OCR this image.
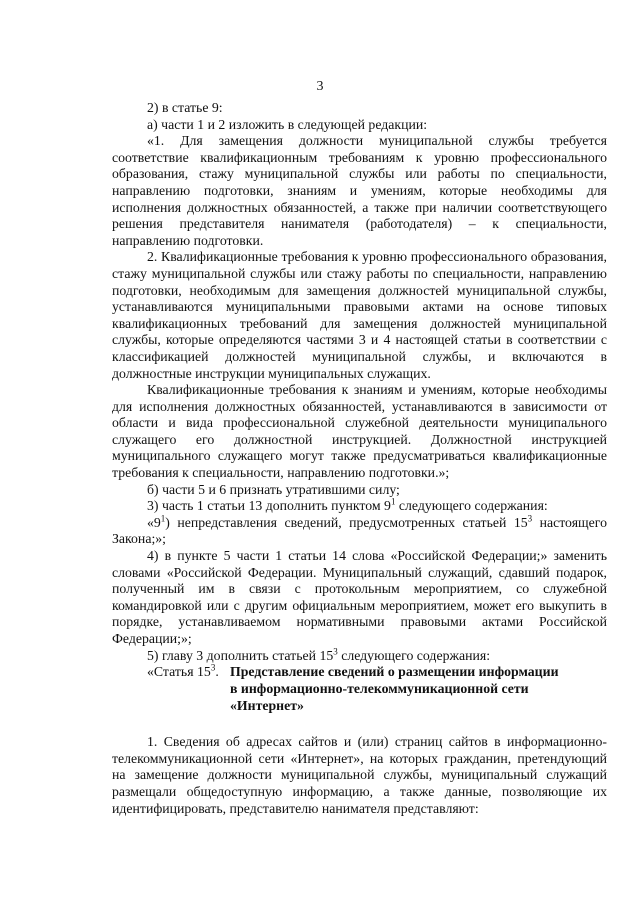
3

2) в статье 9:

а) части 1 и 2 изложить в следующей редакции:

«1. Для замещения должности муниципальной службы требуется соответствие квалификационным требованиям к уровню профессионального образования, стажу муниципальной службы или работы по специальности, направлению подготовки, знаниям и умениям, которые необходимы для исполнения должностных обязанностей, а также при наличии соответствующего решения представителя нанимателя (работодателя) – к специальности, направлению подготовки.

2. Квалификационные требования к уровню профессионального образования, стажу муниципальной службы или стажу работы по специальности, направлению подготовки, необходимым для замещения должностей муниципальной службы, устанавливаются муниципальными правовыми актами на основе типовых квалификационных требований для замещения должностей муниципальной службы, которые определяются частями 3 и 4 настоящей статьи в соответствии с классификацией должностей муниципальной службы, и включаются в должностные инструкции муниципальных служащих.

Квалификационные требования к знаниям и умениям, которые необходимы для исполнения должностных обязанностей, устанавливаются в зависимости от области и вида профессиональной служебной деятельности муниципального служащего его должностной инструкцией. Должностной инструкцией муниципального служащего могут также предусматриваться квалификационные требования к специальности, направлению подготовки.»;

б) части 5 и 6 признать утратившими силу;

3) часть 1 статьи 13 дополнить пунктом $9^1$ следующего содержания:

«$9^1$) непредставления сведений, предусмотренных статьей $15^3$ настоящего Закона;»;

4) в пункте 5 части 1 статьи 14 слова «Российской Федерации;» заменить словами «Российской Федерации. Муниципальный служащий, сдавший подарок, полученный им в связи с протокольным мероприятием, со служебной командировкой или с другим официальным мероприятием, может его выкупить в порядке, устанавливаемом нормативными правовыми актами Российской Федерации;»;

5) главу 3 дополнить статьей $15^3$ следующего содержания:

«Статья $15^3$. Представление сведений о размещении информации
в информационно-телекоммуникационной сети
«Интернет»

1. Сведения об адресах сайтов и (или) страниц сайтов в информационно-телекоммуникационной сети «Интернет», на которых гражданин, претендующий на замещение должности муниципальной службы, муниципальный служащий размещали общедоступную информацию, а также данные, позволяющие их идентифицировать, представителю нанимателя представляют:
